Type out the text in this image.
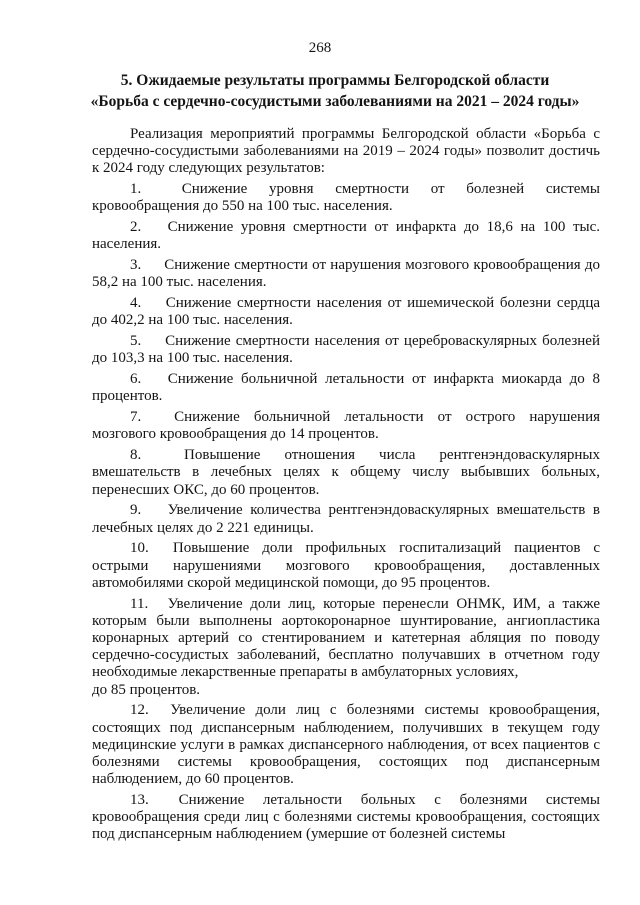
268
5. Ожидаемые результаты программы Белгородской области
«Борьба с сердечно-сосудистыми заболеваниями на 2021 – 2024 годы»

Реализация мероприятий программы Белгородской области «Борьба с сердечно-сосудистыми заболеваниями на 2019 – 2024 годы» позволит достичь к 2024 году следующих результатов:

1.	Снижение уровня смертности от болезней системы кровообращения до 550 на 100 тыс. населения.

2. Снижение уровня смертности от инфаркта до 18,6 на 100 тыс. населения.

3. Снижение смертности от нарушения мозгового кровообращения до 58,2 на 100 тыс. населения.

4. Снижение смертности населения от ишемической болезни сердца до 402,2 на 100 тыс. населения.

5. Снижение смертности населения от цереброваскулярных болезней до 103,3 на 100 тыс. населения.

6. Снижение больничной летальности от инфаркта миокарда до 8 процентов.

7. Снижение больничной летальности от острого нарушения мозгового кровообращения до 14 процентов.

8.	Повышение отношения числа рентгенэндоваскулярных вмешательств в лечебных целях к общему числу выбывших больных, перенесших ОКС, до 60 процентов.

9. Увеличение количества рентгенэндоваскулярных вмешательств в лечебных целях до 2 221 единицы.

10. Повышение доли профильных госпитализаций пациентов с острыми нарушениями мозгового кровообращения, доставленных автомобилями скорой медицинской помощи, до 95 процентов.

11. Увеличение доли лиц, которые перенесли ОНМК, ИМ, а также которым были выполнены аортокоронарное шунтирование, ангиопластика коронарных артерий со стентированием и катетерная абляция по поводу сердечно-сосудистых заболеваний, бесплатно получавших в отчетном году необходимые лекарственные препараты в амбулаторных условиях,

до 85 процентов.

12. Увеличение доли лиц с болезнями системы кровообращения, состоящих под диспансерным наблюдением, получивших в текущем году медицинские услуги в рамках диспансерного наблюдения, от всех пациентов с болезнями системы кровообращения, состоящих под диспансерным наблюдением, до 60 процентов.

13. Снижение летальности больных с болезнями системы кровообращения среди лиц с болезнями системы кровообращения, состоящих под диспансерным наблюдением (умершие от болезней системы
